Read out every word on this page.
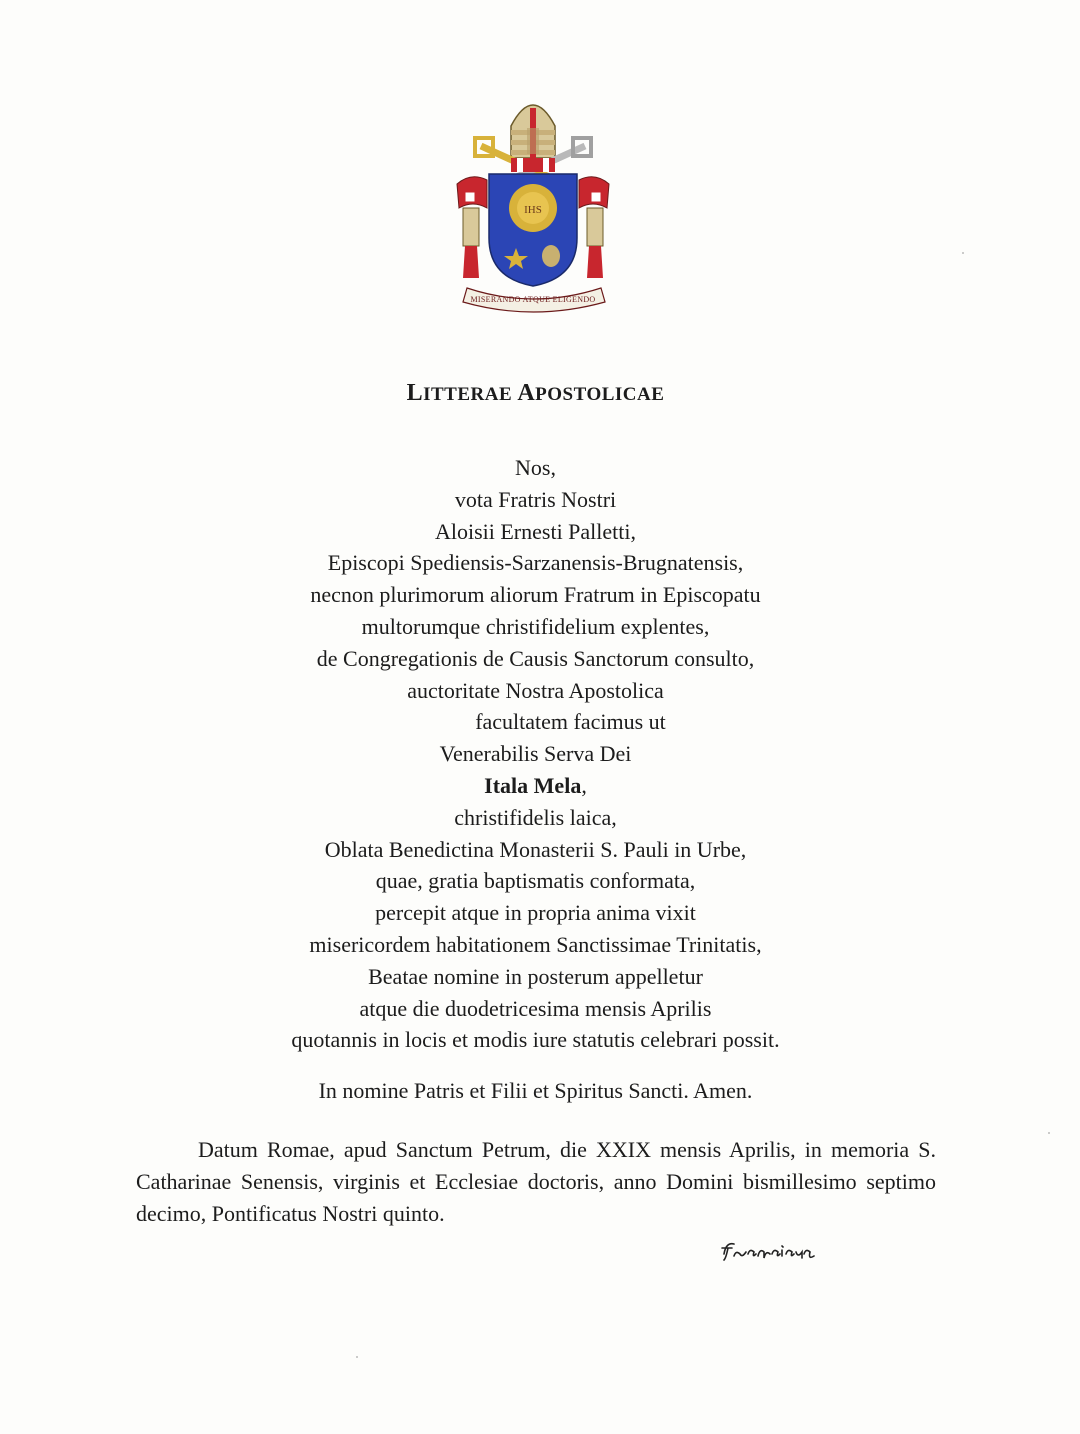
IHS
MISERANDO ATQUE ELIGENDO
LITTERAE APOSTOLICAE
Nos,
vota Fratris Nostri
Aloisii Ernesti Palletti,
Episcopi Spediensis-Sarzanensis-Brugnatensis,
necnon plurimorum aliorum Fratrum in Episcopatu
multorumque christifidelium explentes,
de Congregationis de Causis Sanctorum consulto,
auctoritate Nostra Apostolica
facultatem facimus ut
Venerabilis Serva Dei
Itala Mela,
christifidelis laica,
Oblata Benedictina Monasterii S. Pauli in Urbe,
quae, gratia baptismatis conformata,
percepit atque in propria anima vixit
misericordem habitationem Sanctissimae Trinitatis,
Beatae nomine in posterum appelletur
atque die duodetricesima mensis Aprilis
quotannis in locis et modis iure statutis celebrari possit.

In nomine Patris et Filii et Spiritus Sancti. Amen.

Datum Romae, apud Sanctum Petrum, die XXIX mensis Aprilis, in memoria S. Catharinae Senensis, virginis et Ecclesiae doctoris, anno Domini bismillesimo septimo decimo, Pontificatus Nostri quinto.
